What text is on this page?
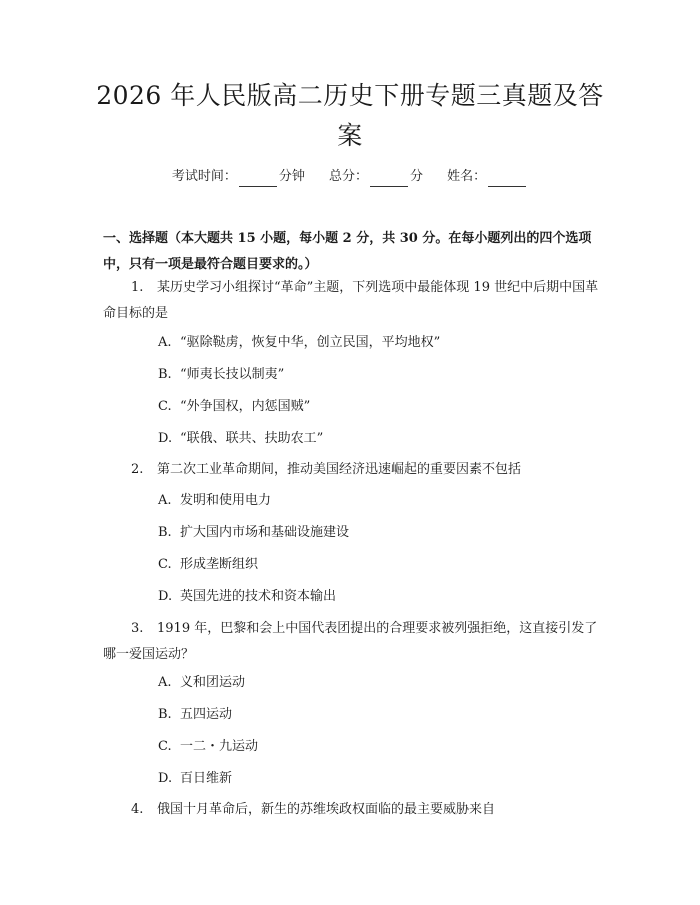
2026 年人民版高二历史下册专题三真题及答案
考试时间：	分钟 总分：	分 姓名：
一、选择题（本大题共 15 小题，每小题 2 分，共 30 分。在每小题列出的四个选项中，只有一项是最符合题目要求的。）
1. 某历史学习小组探讨“革命”主题，下列选项中最能体现 19 世纪中后期中国革命目标的是
A. “驱除鞑虏，恢复中华，创立民国，平均地权”
B. “师夷长技以制夷”
C. “外争国权，内惩国贼”
D. “联俄、联共、扶助农工”
2. 第二次工业革命期间，推动美国经济迅速崛起的重要因素不包括
A. 发明和使用电力
B. 扩大国内市场和基础设施建设
C. 形成垄断组织
D. 英国先进的技术和资本输出
3. 1919 年，巴黎和会上中国代表团提出的合理要求被列强拒绝，这直接引发了哪一爱国运动？
A. 义和团运动
B. 五四运动
C. 一二・九运动
D. 百日维新
4. 俄国十月革命后，新生的苏维埃政权面临的最主要威胁来自
